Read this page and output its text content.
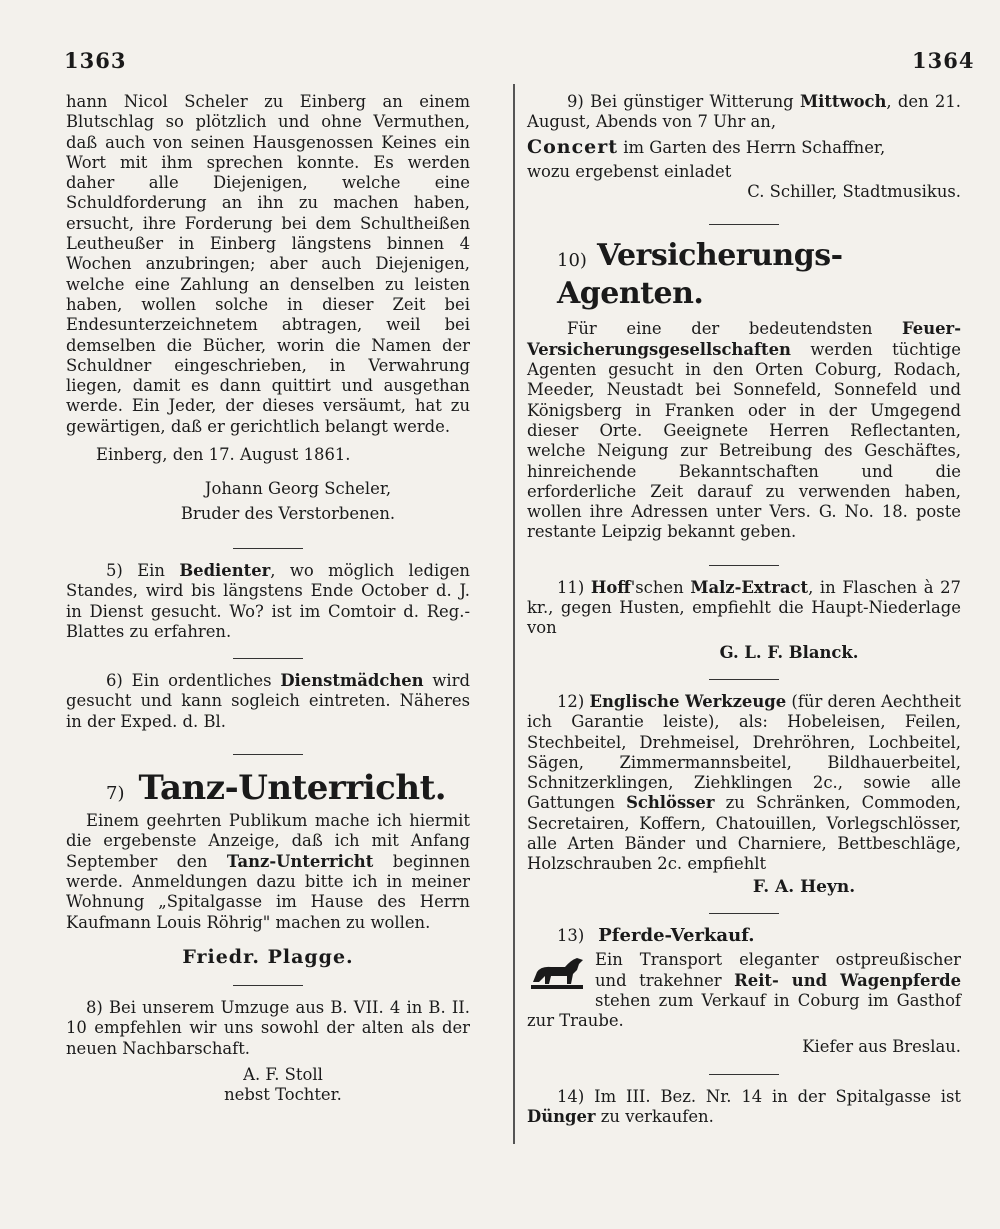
1363	1364

hann Nicol Scheler zu Einberg an einem Blutschlag so plötzlich und ohne Vermuthen, daß auch von seinen Hausgenossen Keines ein Wort mit ihm sprechen konnte. Es werden daher alle Diejenigen, welche eine Schuldforderung an ihn zu machen haben, ersucht, ihre Forderung bei dem Schultheißen Leutheußer in Einberg längstens binnen 4 Wochen anzubringen; aber auch Diejenigen, welche eine Zahlung an denselben zu leisten haben, wollen solche in dieser Zeit bei Endesunterzeichnetem abtragen, weil bei demselben die Bücher, worin die Namen der Schuldner eingeschrieben, in Verwahrung liegen, damit es dann quittirt und ausgethan werde. Ein Jeder, der dieses versäumt, hat zu gewärtigen, daß er gerichtlich belangt werde.

Einberg, den 17. August 1861.

Johann Georg Scheler,

Bruder des Verstorbenen.

5) Ein Bedienter, wo möglich ledigen Standes, wird bis längstens Ende October d. J. in Dienst gesucht. Wo? ist im Comtoir d. Reg.-Blattes zu erfahren.

6) Ein ordentliches Dienstmädchen wird gesucht und kann sogleich eintreten. Näheres in der Exped. d. Bl.

7) Tanz-Unterricht.

Einem geehrten Publikum mache ich hiermit die ergebenste Anzeige, daß ich mit Anfang September den Tanz-Unterricht beginnen werde. Anmeldungen dazu bitte ich in meiner Wohnung „Spitalgasse im Hause des Herrn Kaufmann Louis Röhrig" machen zu wollen.

Friedr. Plagge.

8) Bei unserem Umzuge aus B. VII. 4 in B. II. 10 empfehlen wir uns sowohl der alten als der neuen Nachbarschaft.

A. F. Stoll

nebst Tochter.

9) Bei günstiger Witterung Mittwoch, den 21. August, Abends von 7 Uhr an,

Concert im Garten des Herrn Schaffner,

wozu ergebenst einladet

C. Schiller, Stadtmusikus.

10) Versicherungs-Agenten.

Für eine der bedeutendsten Feuer-Versicherungsgesellschaften werden tüchtige Agenten gesucht in den Orten Coburg, Rodach, Meeder, Neustadt bei Sonnefeld, Sonnefeld und Königsberg in Franken oder in der Umgegend dieser Orte. Geeignete Herren Reflectanten, welche Neigung zur Betreibung des Geschäftes, hinreichende Bekanntschaften und die erforderliche Zeit darauf zu verwenden haben, wollen ihre Adressen unter Vers. G. No. 18. poste restante Leipzig bekannt geben.

11) Hoff'schen Malz-Extract, in Flaschen à 27 kr., gegen Husten, empfiehlt die Haupt-Niederlage von

G. L. F. Blanck.

12) Englische Werkzeuge (für deren Aechtheit ich Garantie leiste), als: Hobeleisen, Feilen, Stechbeitel, Drehmeisel, Drehröhren, Lochbeitel, Sägen, Zimmermannsbeitel, Bildhauerbeitel, Schnitzerklingen, Ziehklingen 2c., sowie alle Gattungen Schlösser zu Schränken, Commoden, Secretairen, Koffern, Chatouillen, Vorlegschlösser, alle Arten Bänder und Charniere, Bettbeschläge, Holzschrauben 2c. empfiehlt

F. A. Heyn.

13) Pferde-Verkauf.

Ein Transport eleganter ostpreußischer und trakehner Reit- und Wagenpferde stehen zum Verkauf in Coburg im Gasthof zur Traube.

Kiefer aus Breslau.

14) Im III. Bez. Nr. 14 in der Spitalgasse ist Dünger zu verkaufen.
